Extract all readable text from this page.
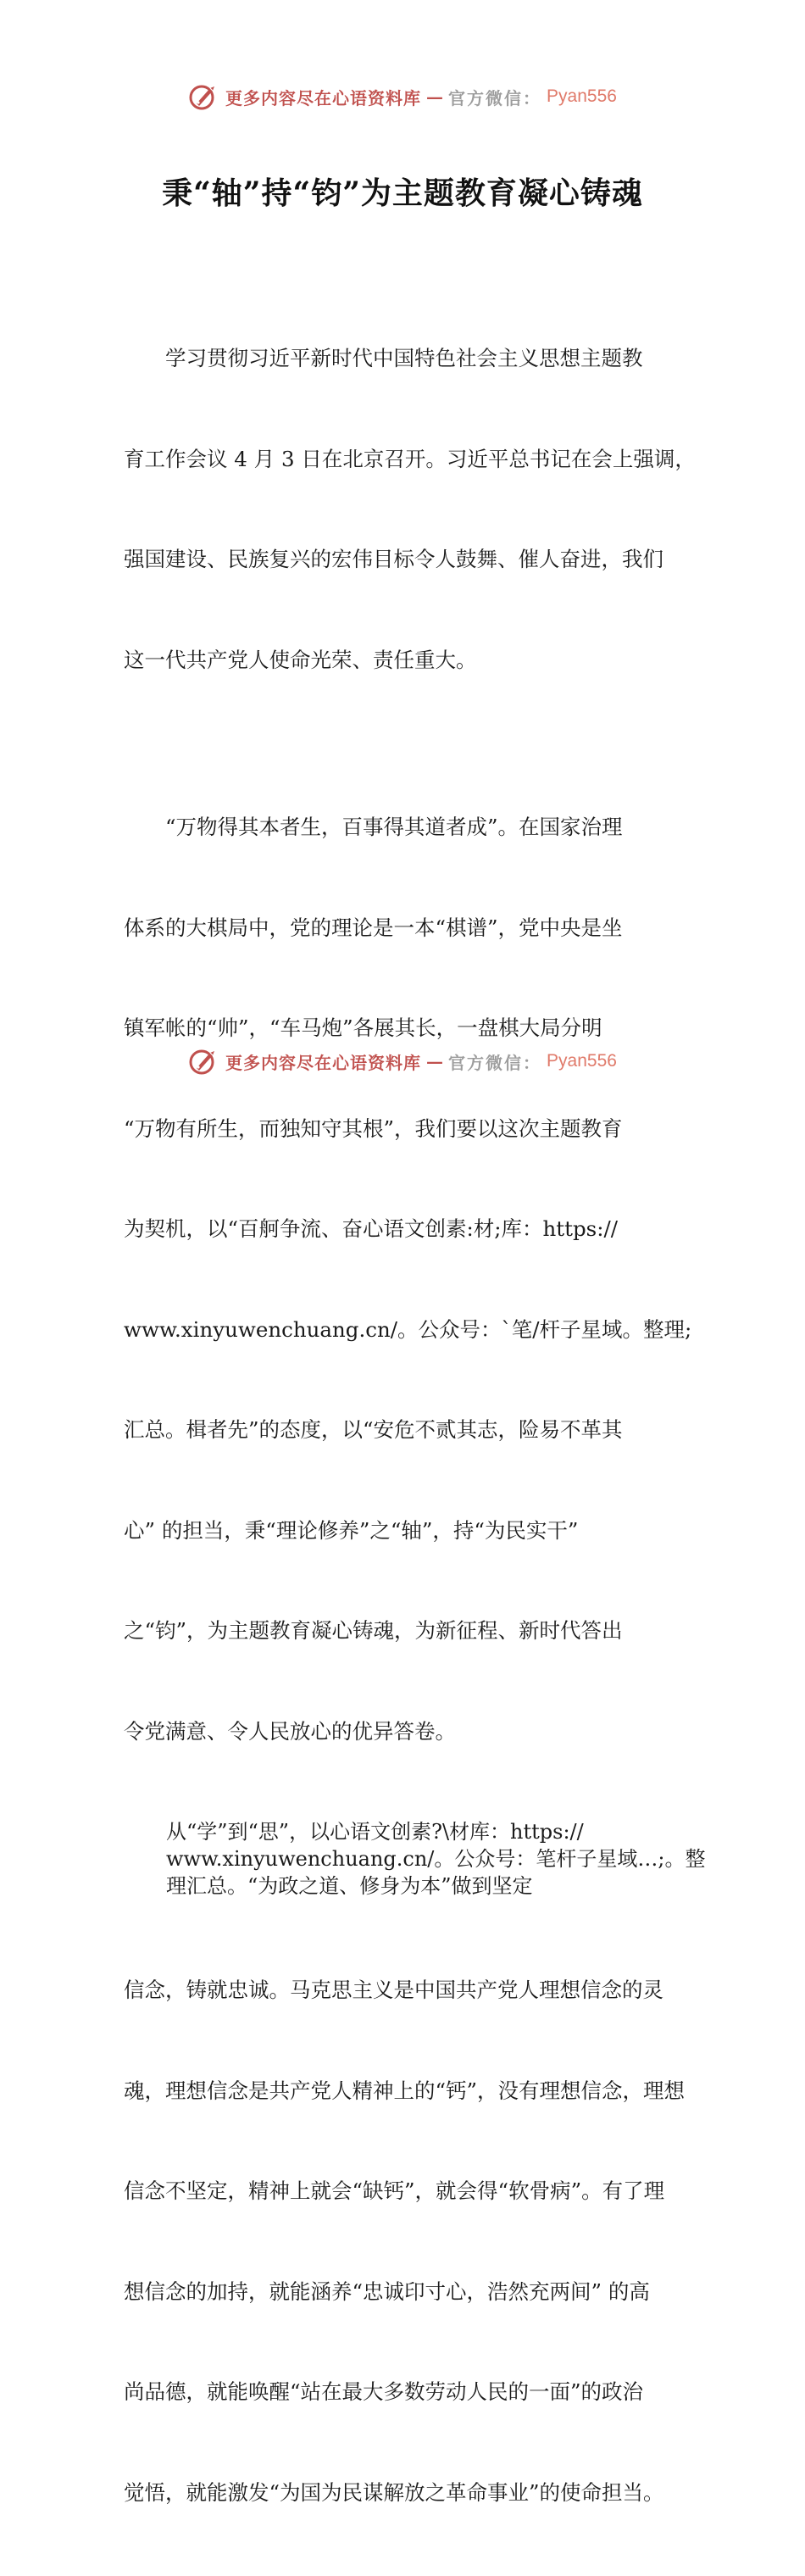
更多内容尽在心语资料库 — 官方微信： Pyan556
秉“轴”持“钧”为主题教育凝心铸魂

　　学习贯彻习近平新时代中国特色社会主义思想主题教

育工作会议 4 月 3 日在北京召开。习近平总书记在会上强调，

强国建设、民族复兴的宏伟目标令人鼓舞、催人奋进，我们

这一代共产党人使命光荣、责任重大。

　　“万物得其本者生，百事得其道者成”。在国家治理

体系的大棋局中，党的理论是一本“棋谱”，党中央是坐

镇军帐的“帅”，“车马炮”各展其长，一盘棋大局分明

“万物有所生，而独知守其根”，我们要以这次主题教育

为契机，以“百舸争流、奋心语文创素:材;库：https://

www.xinyuwenchuang.cn/。公众号：`笔/杆子星域。整理;

汇总。楫者先”的态度，以“安危不贰其志，险易不革其

心” 的担当，秉“理论修养”之“轴”，持“为民实干”

之“钧”，为主题教育凝心铸魂，为新征程、新时代答出

令党满意、令人民放心的优异答卷。

从“学”到“思”，以心语文创素?\材库：https://
www.xinyuwenchuang.cn/。公众号：笔杆子星域…;。整
理汇总。“为政之道、修身为本”做到坚定

信念，铸就忠诚。马克思主义是中国共产党人理想信念的灵

魂，理想信念是共产党人精神上的“钙”，没有理想信念，理想

信念不坚定，精神上就会“缺钙”，就会得“软骨病”。有了理

想信念的加持，就能涵养“忠诚印寸心，浩然充两间” 的高

尚品德，就能唤醒“站在最大多数劳动人民的一面”的政治

觉悟，就能激发“为国为民谋解放之革命事业”的使命担当。

更多内容尽在心语资料库 — 官方微信： Pyan556
